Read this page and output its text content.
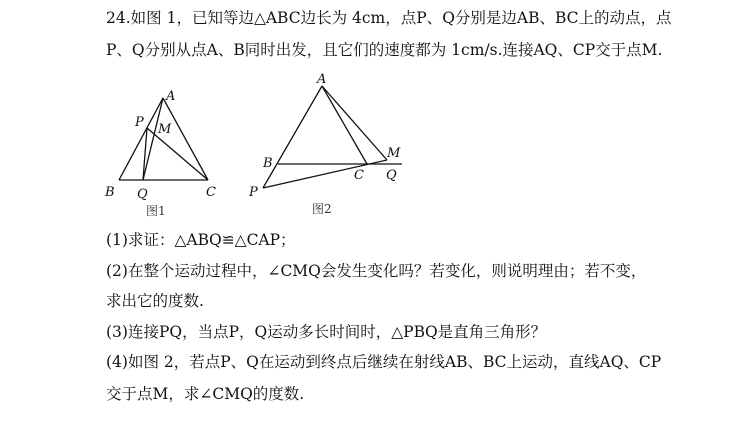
24.如图 1，已知等边△ABC边长为 4cm，点P、Q分别是边AB、BC上的动点，点
P、Q分别从点A、B同时出发，且它们的速度都为 1cm/s.连接AQ、CP交于点M.
(1)求证：△ABQ≌△CAP；
(2)在整个运动过程中，∠CMQ会发生变化吗？若变化，则说明理由；若不变，
求出它的度数.
(3)连接PQ，当点P，Q运动多长时间时，△PBQ是直角三角形？
(4)如图 2，若点P、Q在运动到终点后继续在射线AB、BC上运动，直线AQ、CP
交于点M，求∠CMQ的度数.
A
P M
B Q	C
图1
A
B
M
C Q
P
图2
